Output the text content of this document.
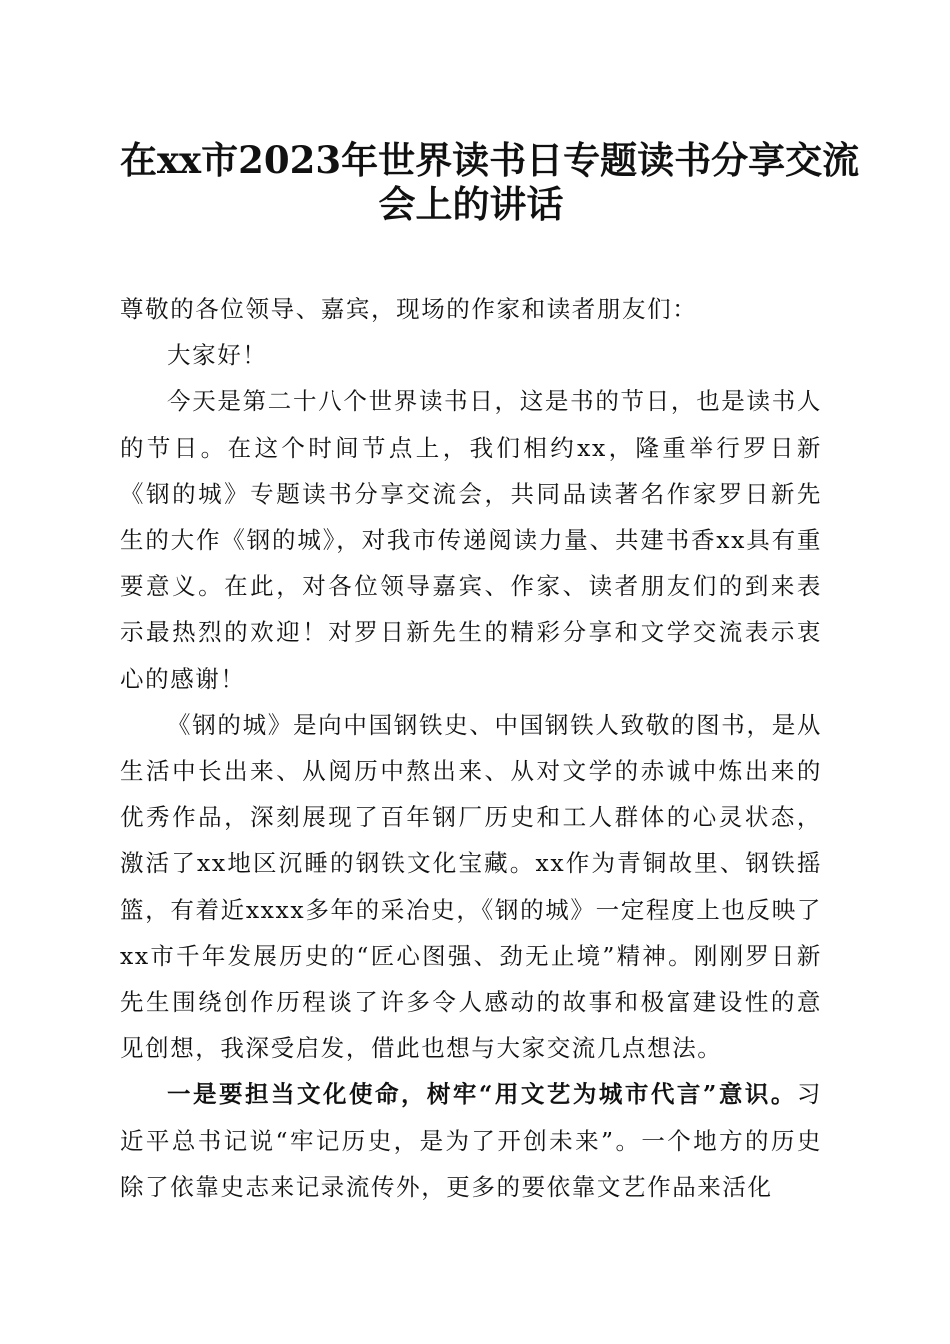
在xx市2023年世界读书日专题读书分享交流
会上的讲话

尊敬的各位领导、嘉宾，现场的作家和读者朋友们：

大家好！

今天是第二十八个世界读书日，这是书的节日，也是读书人的节日。在这个时间节点上，我们相约xx，隆重举行罗日新《钢的城》专题读书分享交流会，共同品读著名作家罗日新先生的大作《钢的城》，对我市传递阅读力量、共建书香xx具有重要意义。在此，对各位领导嘉宾、作家、读者朋友们的到来表示最热烈的欢迎！对罗日新先生的精彩分享和文学交流表示衷心的感谢！

《钢的城》是向中国钢铁史、中国钢铁人致敬的图书，是从生活中长出来、从阅历中熬出来、从对文学的赤诚中炼出来的优秀作品，深刻展现了百年钢厂历史和工人群体的心灵状态，激活了xx地区沉睡的钢铁文化宝藏。xx作为青铜故里、钢铁摇篮，有着近xxxx多年的采冶史，《钢的城》一定程度上也反映了xx市千年发展历史的“匠心图强、劲无止境”精神。刚刚罗日新先生围绕创作历程谈了许多令人感动的故事和极富建设性的意见创想，我深受启发，借此也想与大家交流几点想法。

一是要担当文化使命，树牢“用文艺为城市代言”意识。习近平总书记说“牢记历史，是为了开创未来”。一个地方的历史除了依靠史志来记录流传外，更多的要依靠文艺作品来活化
